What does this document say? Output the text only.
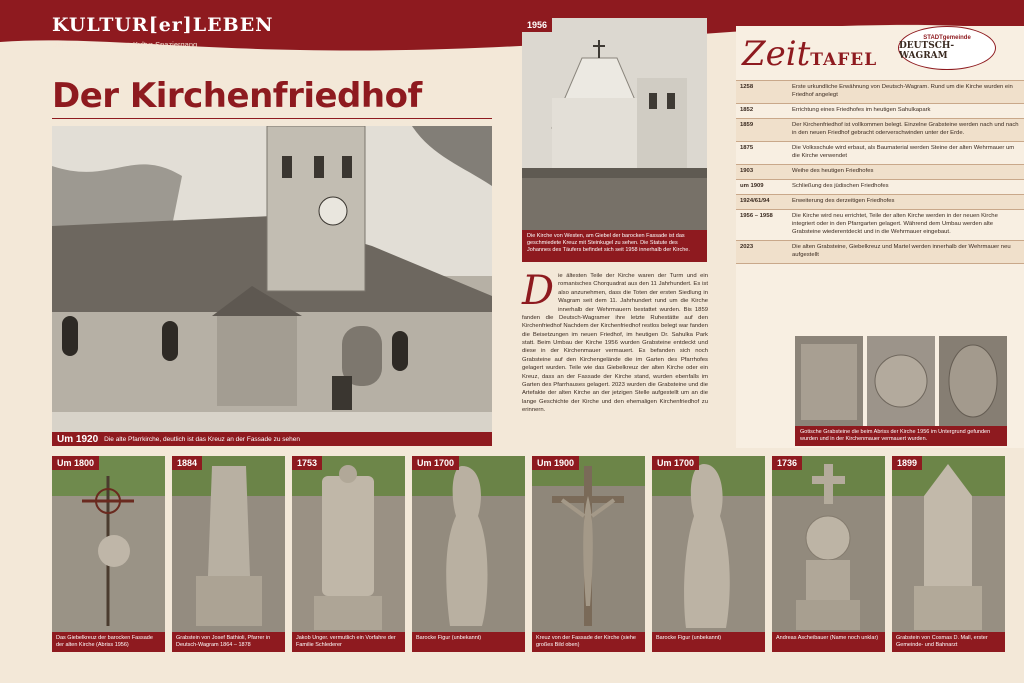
KULTUR[er]LEBEN
Der Deutsch-Wagramer Kultur-Spaziergang
Der Kirchenfriedhof
Um 1920 Die alte Pfarrkirche, deutlich ist das Kreuz an der Fassade zu sehen
1956
Die Kirche von Westen, am Giebel der barocken Fassade ist das geschmiedete Kreuz mit Steinkugel zu sehen. Die Statute des Johannes des Täufers befindet sich seit 1958 innerhalb der Kirche.
D ie ältesten Teile der Kirche waren der Turm und ein romanisches Chorquadrat aus den 11 Jahrhundert. Es ist also anzunehmen, dass die Toten der ersten Siedlung in Wagram seit dem 11. Jahrhundert rund um die Kirche innerhalb der Wehrmauern bestattet wurden. Bis 1859 fanden die Deutsch-Wagramer ihre letzte Ruhestätte auf den Kirchenfriedhof Nachdem der Kirchenfriedhof restlos belegt war fanden die Beisetzungen im neuen Friedhof, im heutigen Dr. Sahulka Park statt. Beim Umbau der Kirche 1956 wurden Grabsteine entdeckt und diese in der Kirchenmauer vermauert. Es befanden sich noch Grabsteine auf den Kirchengelände die im Garten des Pfarrhofes gelagert wurden. Teile wie das Giebelkreuz der alten Kirche oder ein Kreuz, dass an der Fassade der Kirche stand, wurden ebenfalls im Garten des Pfarrhauses gelagert. 2023 wurden die Grabsteine und die Artefakte der alten Kirche an der jetzigen Stelle aufgestellt um an die lange Geschichte der Kirche und den ehemaligen Kirchenfriedhof zu erinnern.
ZeitTAFEL
STADTgemeinde
DEUTSCH-WAGRAM
1258	Erste urkundliche Erwähnung von Deutsch-Wagram. Rund um die Kirche wurden ein Friedhof angelegt
1852	Errichtung eines Friedhofes im heutigen Sahulkapark
1859	Der Kirchenfriedhof ist vollkommen belegt. Einzelne Grabsteine werden nach und nach in den neuen Friedhof gebracht oderverschwinden unter der Erde.
1875	Die Volksschule wird erbaut, als Baumaterial werden Steine der alten Wehrmauer um die Kirche verwendet
1903	Weihe des heutigen Friedhofes
um 1909	Schließung des jüdischen Friedhofes
1924/61/94	Erweiterung des derzeitigen Friedhofes
1956 – 1958	Die Kirche wird neu errichtet, Teile der alten Kirche werden in der neuen Kirche integriert oder in den Pfarrgarten gelagert. Während dem Umbau werden alte Grabsteine wiederentdeckt und in die Wehrmauer eingebaut.
2023	Die alten Grabsteine, Giebelkreuz und Martel werden innerhalb der Wehrmauer neu aufgestellt
Gotische Grabsteine die beim Abriss der Kirche 1956 im Untergrund gefunden wurden und in der Kirchenmauer vermauert wurden.
Um 1800
Das Giebelkreuz der barocken Fassade der alten Kirche (Abriss 1956)
1884
Grabstein von Josef Bathioli, Pfarrer in Deutsch-Wagram 1864 – 1878
1753
Jakob Unger. vermutlich ein Vorfahre der Familie Schlederer
Um 1700
Barocke Figur (unbekannt)
Um 1900
Kreuz von der Fassade der Kirche (siehe großes Bild oben)
Um 1700
Barocke Figur (unbekannt)
1736
Andreas Ascheibauer (Name noch unklar)
1899
Grabstein von Cosmas D. Mall, erster Gemeinde- und Bahnarzt
